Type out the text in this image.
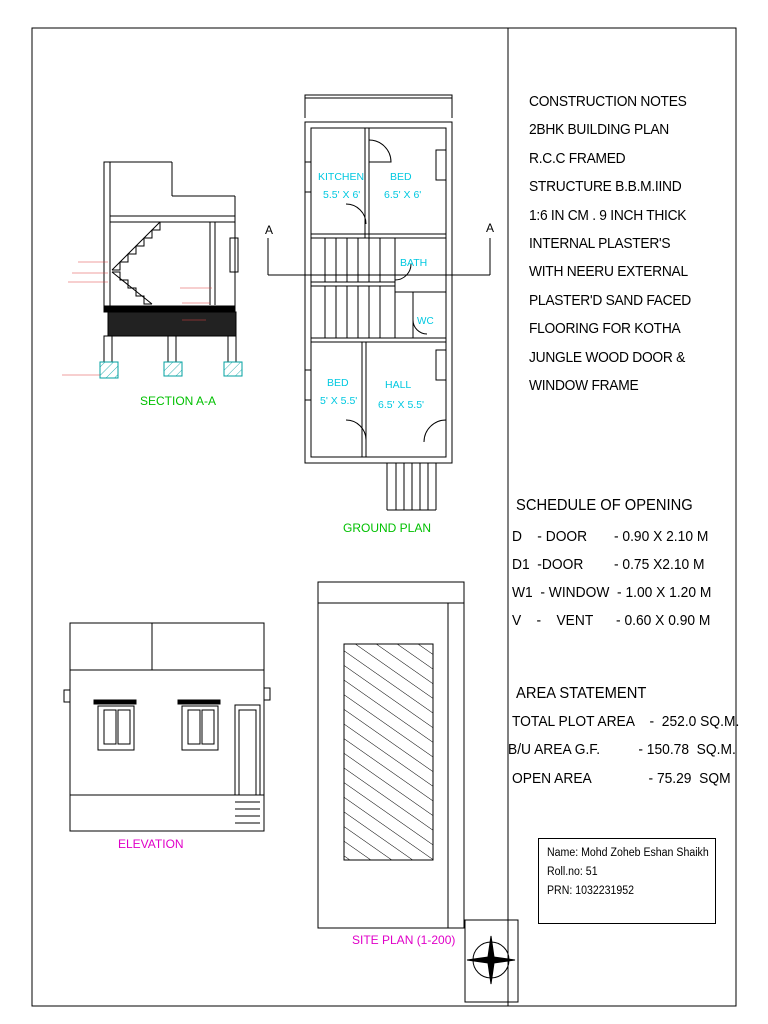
SECTION A-A
A	A
KITCHEN
5.5' X 6'
BED
6.5' X 6'
BATH
WC
BED
5' X 5.5'
HALL
6.5' X 5.5'
GROUND PLAN
ELEVATION
SITE PLAN (1-200)
CONSTRUCTION NOTES
2BHK BUILDING PLAN
R.C.C FRAMED
STRUCTURE B.B.M.IIND
1:6 IN CM . 9 INCH THICK
INTERNAL PLASTER'S
WITH NEERU EXTERNAL
PLASTER'D SAND FACED
FLOORING FOR KOTHA
JUNGLE WOOD DOOR &
WINDOW FRAME
SCHEDULE OF OPENING
D    - DOOR       - 0.90 X 2.10 M
D1  -DOOR        - 0.75 X2.10 M
W1  - WINDOW  - 1.00 X 1.20 M
V    -    VENT      - 0.60 X 0.90 M
AREA STATEMENT
TOTAL PLOT AREA    -  252.0 SQ.M.
B/U AREA G.F.          - 150.78  SQ.M.
OPEN AREA               - 75.29  SQM
Name: Mohd Zoheb Eshan Shaikh
Roll.no: 51
PRN: 1032231952
